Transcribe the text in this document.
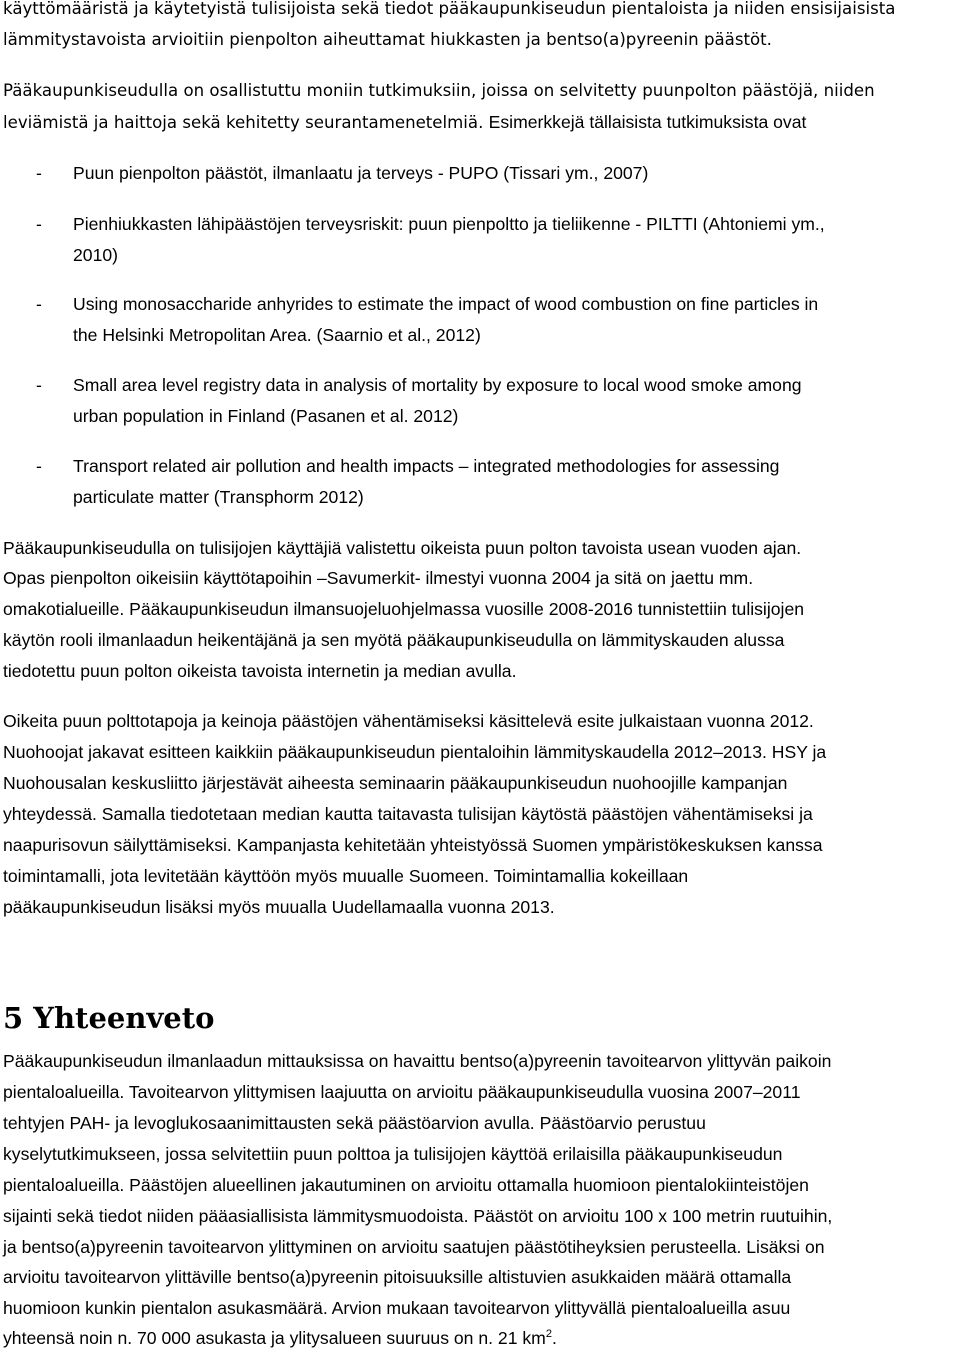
käyttömääristä ja käytetyistä tulisijoista sekä tiedot pääkaupunkiseudun pientaloista ja niiden ensisijaisista
lämmitystavoista arvioitiin pienpolton aiheuttamat hiukkasten ja bentso(a)pyreenin päästöt.
Pääkaupunkiseudulla on osallistuttu moniin tutkimuksiin, joissa on selvitetty puunpolton päästöjä, niiden
leviämistä ja haittoja sekä kehitetty seurantamenetelmiä. Esimerkkejä tällaisista tutkimuksista ovat
- Puun pienpolton päästöt, ilmanlaatu ja terveys - PUPO (Tissari ym., 2007)
- Pienhiukkasten lähipäästöjen terveysriskit: puun pienpoltto ja tieliikenne - PILTTI (Ahtoniemi ym.,
2010)
- Using monosaccharide anhyrides to estimate the impact of wood combustion on fine particles in
the Helsinki Metropolitan Area. (Saarnio et al., 2012)
- Small area level registry data in analysis of mortality by exposure to local wood smoke among
urban population in Finland (Pasanen et al. 2012)
- Transport related air pollution and health impacts – integrated methodologies for assessing
particulate matter (Transphorm 2012)
Pääkaupunkiseudulla on tulisijojen käyttäjiä valistettu oikeista puun polton tavoista usean vuoden ajan.
Opas pienpolton oikeisiin käyttötapoihin –Savumerkit- ilmestyi vuonna 2004 ja sitä on jaettu mm.
omakotialueille. Pääkaupunkiseudun ilmansuojeluohjelmassa vuosille 2008-2016 tunnistettiin tulisijojen
käytön rooli ilmanlaadun heikentäjänä ja sen myötä pääkaupunkiseudulla on lämmityskauden alussa
tiedotettu puun polton oikeista tavoista internetin ja median avulla.
Oikeita puun polttotapoja ja keinoja päästöjen vähentämiseksi käsittelevä esite julkaistaan vuonna 2012.
Nuohoojat jakavat esitteen kaikkiin pääkaupunkiseudun pientaloihin lämmityskaudella 2012–2013. HSY ja
Nuohousalan keskusliitto järjestävät aiheesta seminaarin pääkaupunkiseudun nuohoojille kampanjan
yhteydessä. Samalla tiedotetaan median kautta taitavasta tulisijan käytöstä päästöjen vähentämiseksi ja
naapurisovun säilyttämiseksi. Kampanjasta kehitetään yhteistyössä Suomen ympäristökeskuksen kanssa
toimintamalli, jota levitetään käyttöön myös muualle Suomeen. Toimintamallia kokeillaan
pääkaupunkiseudun lisäksi myös muualla Uudellamaalla vuonna 2013.
5 Yhteenveto
Pääkaupunkiseudun ilmanlaadun mittauksissa on havaittu bentso(a)pyreenin tavoitearvon ylittyvän paikoin
pientaloalueilla. Tavoitearvon ylittymisen laajuutta on arvioitu pääkaupunkiseudulla vuosina 2007–2011
tehtyjen PAH- ja levoglukosaanimittausten sekä päästöarvion avulla. Päästöarvio perustuu
kyselytutkimukseen, jossa selvitettiin puun polttoa ja tulisijojen käyttöä erilaisilla pääkaupunkiseudun
pientaloalueilla. Päästöjen alueellinen jakautuminen on arvioitu ottamalla huomioon pientalokiinteistöjen
sijainti sekä tiedot niiden pääasiallisista lämmitysmuodoista. Päästöt on arvioitu 100 x 100 metrin ruutuihin,
ja bentso(a)pyreenin tavoitearvon ylittyminen on arvioitu saatujen päästötiheyksien perusteella. Lisäksi on
arvioitu tavoitearvon ylittäville bentso(a)pyreenin pitoisuuksille altistuvien asukkaiden määrä ottamalla
huomioon kunkin pientalon asukasmäärä. Arvion mukaan tavoitearvon ylittyvällä pientaloalueilla asuu
yhteensä noin n. 70 000 asukasta ja ylitysalueen suuruus on n. 21 $km^2$.
